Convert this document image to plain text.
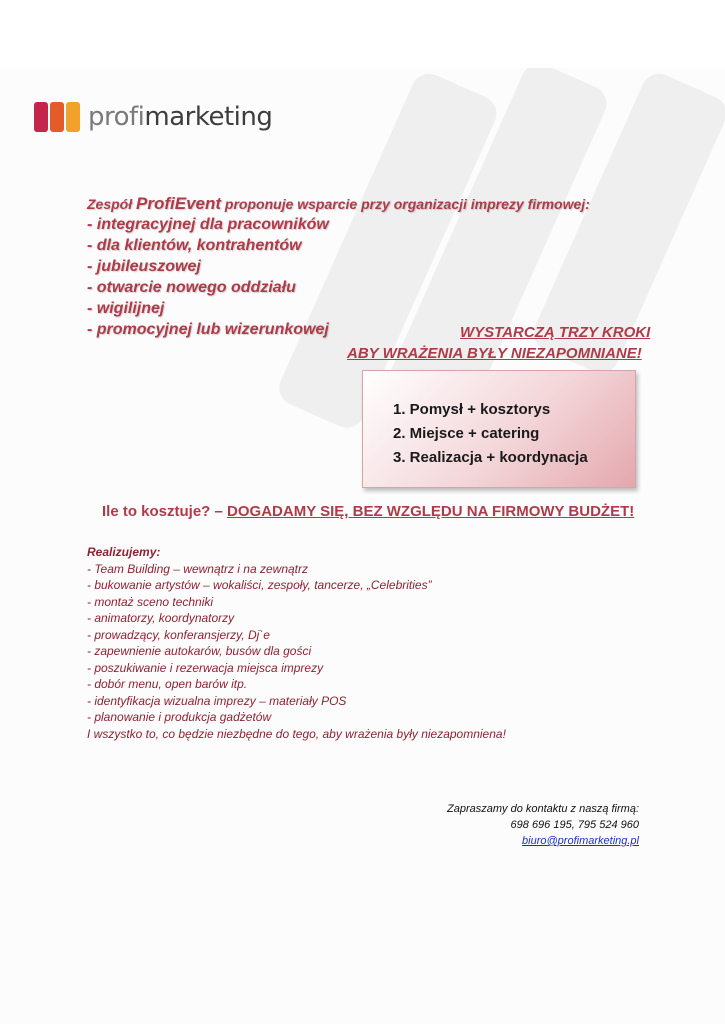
profimarketing
Zespół ProfiEvent proponuje wsparcie przy organizacji imprezy firmowej:
- integracyjnej dla pracowników
- dla klientów, kontrahentów
- jubileuszowej
- otwarcie nowego oddziału
- wigilijnej
- promocyjnej lub wizerunkowej	WYSTARCZĄ TRZY KROKI
ABY WRAŻENIA BYŁY NIEZAPOMNIANE!
1. Pomysł + kosztorys
2. Miejsce + catering
3. Realizacja + koordynacja
Ile to kosztuje? – DOGADAMY SIĘ, BEZ WZGLĘDU NA FIRMOWY BUDŻET!
Realizujemy:
- Team Building – wewnątrz i na zewnątrz
- bukowanie artystów – wokaliści, zespoły, tancerze, „Celebrities”
- montaż sceno techniki
- animatorzy, koordynatorzy
- prowadzący, konferansjerzy, Dj`e
- zapewnienie autokarów, busów dla gości
- poszukiwanie i rezerwacja miejsca imprezy
- dobór menu, open barów itp.
- identyfikacja wizualna imprezy – materiały POS
- planowanie i produkcja gadżetów
I wszystko to, co będzie niezbędne do tego, aby wrażenia były niezapomniena!
Zapraszamy do kontaktu z naszą firmą:
698 696 195, 795 524 960
biuro@profimarketing.pl
